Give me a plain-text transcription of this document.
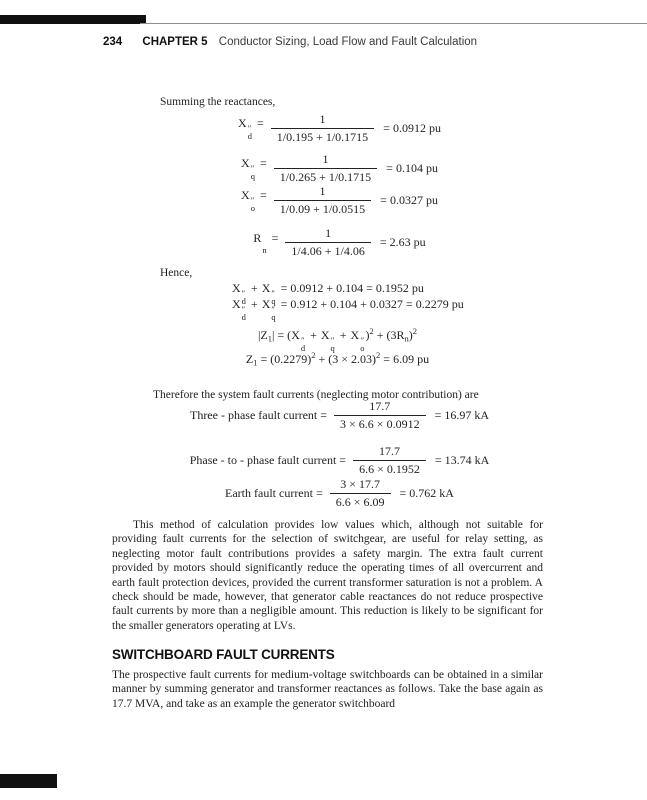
234 CHAPTER 5 Conductor Sizing, Load Flow and Fault Calculation
Summing the reactances,
X ″
d
= $\frac{1}{1/0.195 + 1/0.1715} = 0.0912$ pu
X ″
q
= $\frac{1}{1/0.265 + 1/0.1715} = 0.104$ pu
X ″
o
= $\frac{1}{1/0.09 + 1/0.0515} = 0.0327$ pu
R
n
= $\frac{1}{1/4.06 + 1/4.06} = 2.63$ pu
Hence,
X ″
d
+ X ″
q
= 0.0912 + 0.104 = 0.1952 pu
X ″
d
+ X ″
q
= 0.912 + 0.104 + 0.0327 = 0.2279 pu
$|Z_1| = (X$ ″
d
+ X ″
q
+ X ″
o
)$^2 + (3R_n)^2$
$Z_1 = (0.2279)^2 + (3 \times 2.03)^2 = 6.09$ pu
Therefore the system fault currents (neglecting motor contribution) are
Three - phase fault current = $\frac{17.7}{3 \times 6.6 \times 0.0912} = 16.97$ kA
Phase - to - phase fault current = $\frac{17.7}{6.6 \times 0.1952} = 13.74$ kA
Earth fault current = $\frac{3 \times 17.7}{6.6 \times 6.09} = 0.762$ kA

This method of calculation provides low values which, although not suitable for providing fault currents for the selection of switchgear, are useful for relay setting, as neglecting motor fault contributions provides a safety margin. The extra fault current provided by motors should significantly reduce the operating times of all overcurrent and earth fault protection devices, provided the current transformer saturation is not a problem. A check should be made, however, that generator cable reactances do not reduce prospective fault currents by more than a negligible amount. This reduction is likely to be significant for the smaller generators operating at LVs.

SWITCHBOARD FAULT CURRENTS

The prospective fault currents for medium-voltage switchboards can be obtained in a similar manner by summing generator and transformer reactances as follows. Take the base again as 17.7 MVA, and take as an example the generator switchboard
